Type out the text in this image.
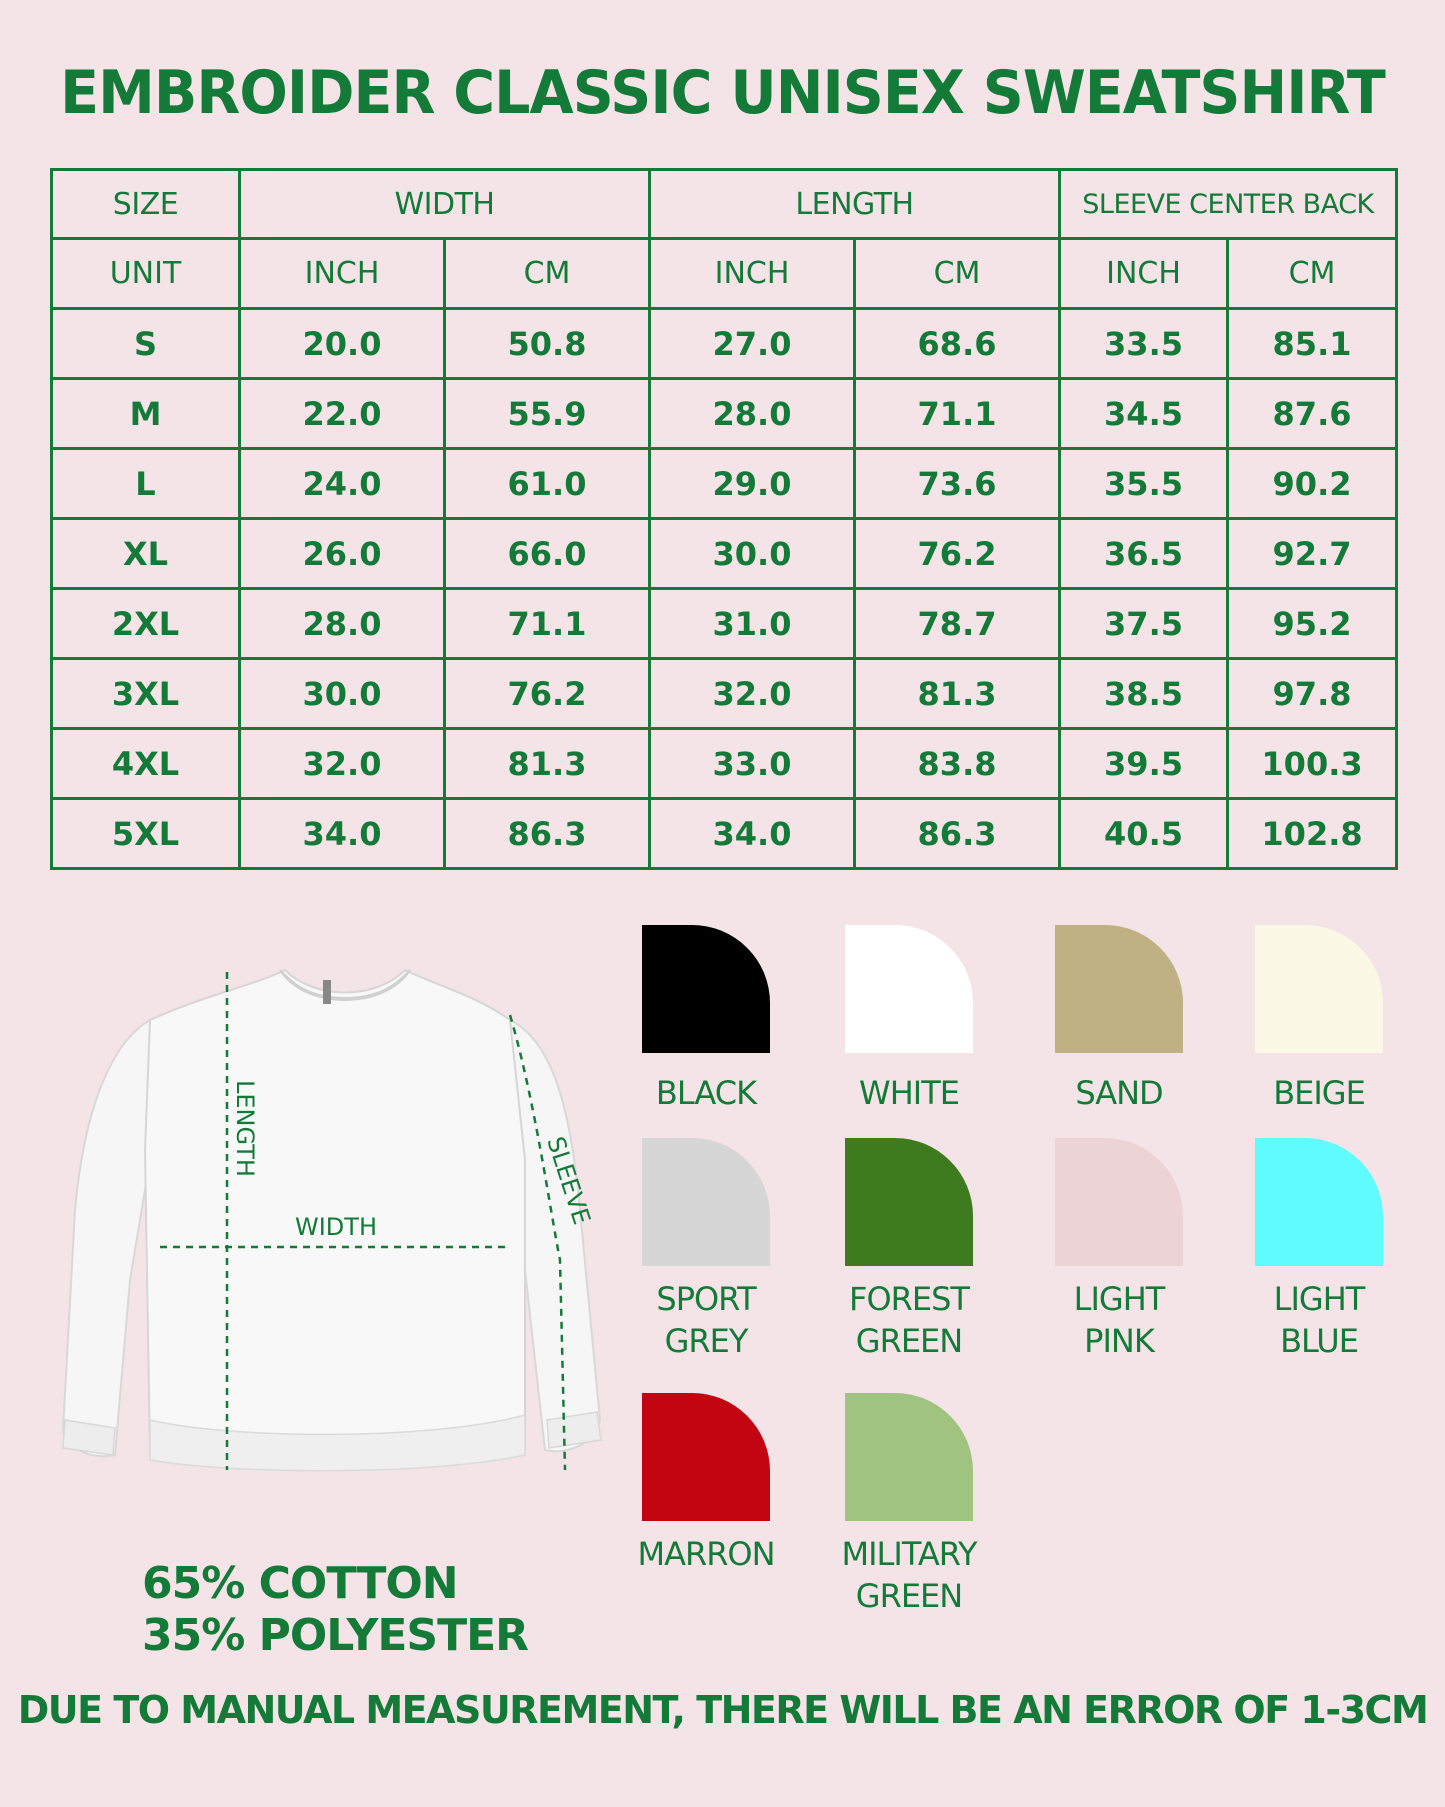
EMBROIDER CLASSIC UNISEX SWEATSHIRT
SIZE	WIDTH		LENGTH		SLEEVE CENTER BACK	
UNIT	INCH	CM	INCH	CM	INCH	CM
S	20.0	50.8	27.0	68.6	33.5	85.1
M	22.0	55.9	28.0	71.1	34.5	87.6
L	24.0	61.0	29.0	73.6	35.5	90.2
XL	26.0	66.0	30.0	76.2	36.5	92.7
2XL	28.0	71.1	31.0	78.7	37.5	95.2
3XL	30.0	76.2	32.0	81.3	38.5	97.8
4XL	32.0	81.3	33.0	83.8	39.5	100.3
5XL	34.0	86.3	34.0	86.3	40.5	102.8
LENGTH
WIDTH	SLEEVE
BLACK	WHITE	SAND	BEIGE
SPORT
GREY
FOREST
GREEN
LIGHT
PINK
LIGHT
BLUE
MARRON	MILITARY
GREEN
65% COTTON
35% POLYESTER
DUE TO MANUAL MEASUREMENT, THERE WILL BE AN ERROR OF 1-3CM
